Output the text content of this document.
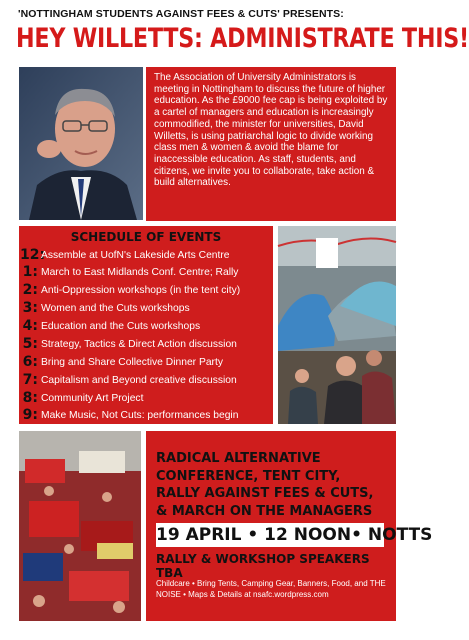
'NOTTINGHAM STUDENTS AGAINST FEES & CUTS' PRESENTS:
HEY WILLETTS: ADMINISTRATE THIS!
The Association of University Administrators is meeting in Nottingham to discuss the future of higher education. As the £9000 fee cap is being exploited by a cartel of managers and education is increasingly commodified, the minister for universities, David Willetts, is using patriarchal logic to divide working class men & women & avoid the blame for inaccessible education. As staff, students, and citizens, we invite you to collaborate, take action & build alternatives.
SCHEDULE OF EVENTS
12:
Assemble at UofN's Lakeside Arts Centre
1: March to East Midlands Conf. Centre; Rally
2: Anti-Oppression workshops (in the tent city)
3: Women and the Cuts workshops
4: Education and the Cuts workshops
5: Strategy, Tactics & Direct Action discussion
6: Bring and Share Collective Dinner Party
7: Capitalism and Beyond creative discussion
8: Community Art Project
9: Make Music, Not Cuts: performances begin
RADICAL ALTERNATIVE CONFERENCE, TENT CITY, RALLY AGAINST FEES & CUTS, & MARCH ON THE MANAGERS
19 APRIL • 12 NOON• NOTTS
RALLY & WORKSHOP SPEAKERS TBA
Childcare • Bring Tents, Camping Gear, Banners, Food, and THE NOISE • Maps & Details at nsafc.wordpress.com
